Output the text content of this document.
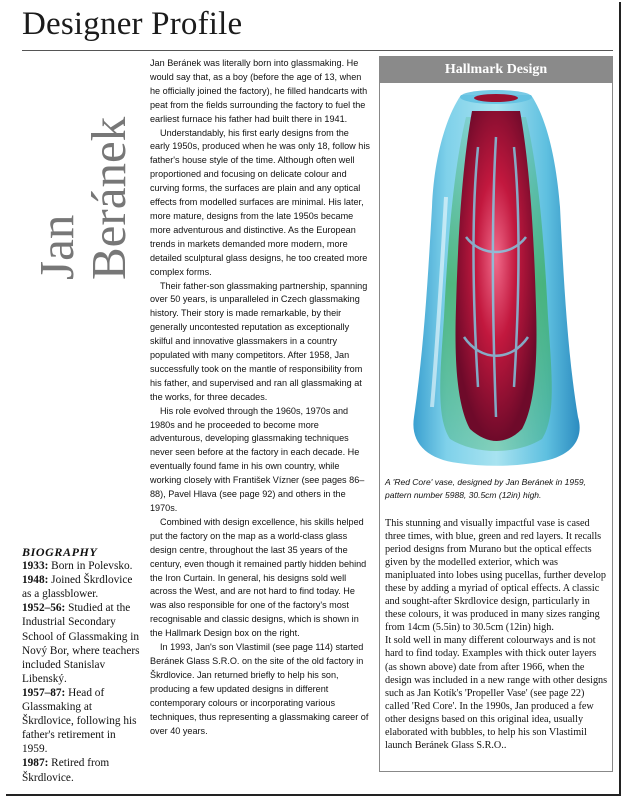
Designer Profile
Jan
Beránek
BIOGRAPHY

1933: Born in Polevsko.

1948: Joined Škrdlovice as a glassblower.

1952–56: Studied at the Industrial Secondary School of Glassmaking in Nový Bor, where teachers included Stanislav Libenský.

1957–87: Head of Glassmaking at Škrdlovice, following his father's retirement in 1959.

1987: Retired from Škrdlovice.

Jan Beránek was literally born into glassmaking. He would say that, as a boy (before the age of 13, when he officially joined the factory), he filled handcarts with peat from the fields surrounding the factory to fuel the earliest furnace his father had built there in 1941.

Understandably, his first early designs from the early 1950s, produced when he was only 18, follow his father's house style of the time. Although often well proportioned and focusing on delicate colour and curving forms, the surfaces are plain and any optical effects from modelled surfaces are minimal. His later, more mature, designs from the late 1950s became more adventurous and distinctive. As the European trends in markets demanded more modern, more detailed sculptural glass designs, he too created more complex forms.

Their father-son glassmaking partnership, spanning over 50 years, is unparalleled in Czech glassmaking history. Their story is made remarkable, by their generally uncontested reputation as exceptionally skilful and innovative glassmakers in a country populated with many competitors. After 1958, Jan successfully took on the mantle of responsibility from his father, and supervised and ran all glassmaking at the works, for three decades.

His role evolved through the 1960s, 1970s and 1980s and he proceeded to become more adventurous, developing glassmaking techniques never seen before at the factory in each decade. He eventually found fame in his own country, while working closely with František Vízner (see pages 86–88), Pavel Hlava (see page 92) and others in the 1970s.

Combined with design excellence, his skills helped put the factory on the map as a world-class glass design centre, throughout the last 35 years of the century, even though it remained partly hidden behind the Iron Curtain. In general, his designs sold well across the West, and are not hard to find today. He was also responsible for one of the factory's most recognisable and classic designs, which is shown in the Hallmark Design box on the right.

In 1993, Jan's son Vlastimil (see page 114) started Beránek Glass S.R.O. on the site of the old factory in Škrdlovice. Jan returned briefly to help his son, producing a few updated designs in different contemporary colours or incorporating various techniques, thus representing a glassmaking career of over 40 years.

Hallmark Design
A 'Red Core' vase, designed by Jan Beránek in 1959, pattern number 5988, 30.5cm (12in) high.

This stunning and visually impactful vase is cased three times, with blue, green and red layers. It recalls period designs from Murano but the optical effects given by the modelled exterior, which was manipluated into lobes using pucellas, further develop these by adding a myriad of optical effects. A classic and sought-after Skrdlovice design, particularly in these colours, it was produced in many sizes ranging from 14cm (5.5in) to 30.5cm (12in) high.

It sold well in many different colourways and is not hard to find today. Examples with thick outer layers (as shown above) date from after 1966, when the design was included in a new range with other designs such as Jan Kotík's 'Propeller Vase' (see page 22) called 'Red Core'. In the 1990s, Jan produced a few other designs based on this original idea, usually elaborated with bubbles, to help his son Vlastimil launch Beránek Glass S.R.O..
